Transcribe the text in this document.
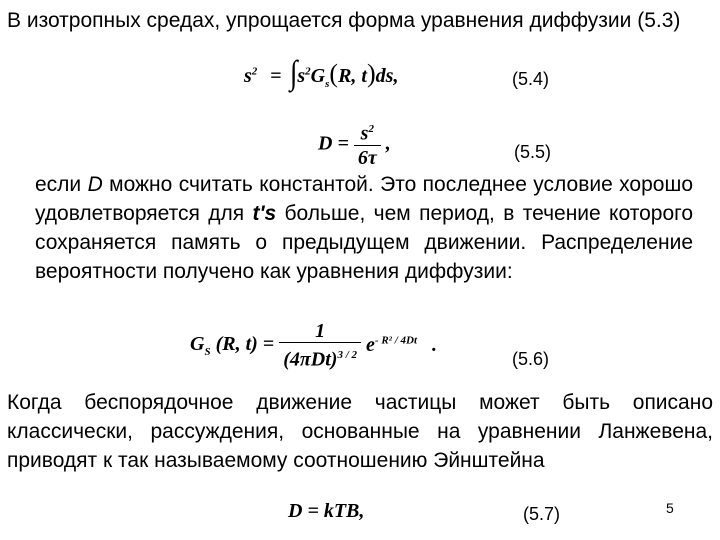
В изотропных средах, упрощается форма уравнения диффузии (5.3)

$s^2 = \int s^2G_s(R$, t)ds,	(5.4)
$D = \frac{s^2}{6\tau}$ ,	(5.5)

если D можно считать константой. Это последнее условие хорошо удовлетворяется для t's больше, чем период, в течение которого сохраняется память о предыдущем движении. Распределение вероятности получено как уравнения диффузии:

$G_S$ (R, $t) = \frac{1}{(4\pi Dt)^{3 / 2}} e^{- R^2 / 4Dt}$ .
(5.6)

Когда беспорядочное движение частицы может быть описано классически, рассуждения, основанные на уравнении Ланжевена, приводят к так называемому соотношению Эйнштейна

D = kTB,	(5.7)	5
